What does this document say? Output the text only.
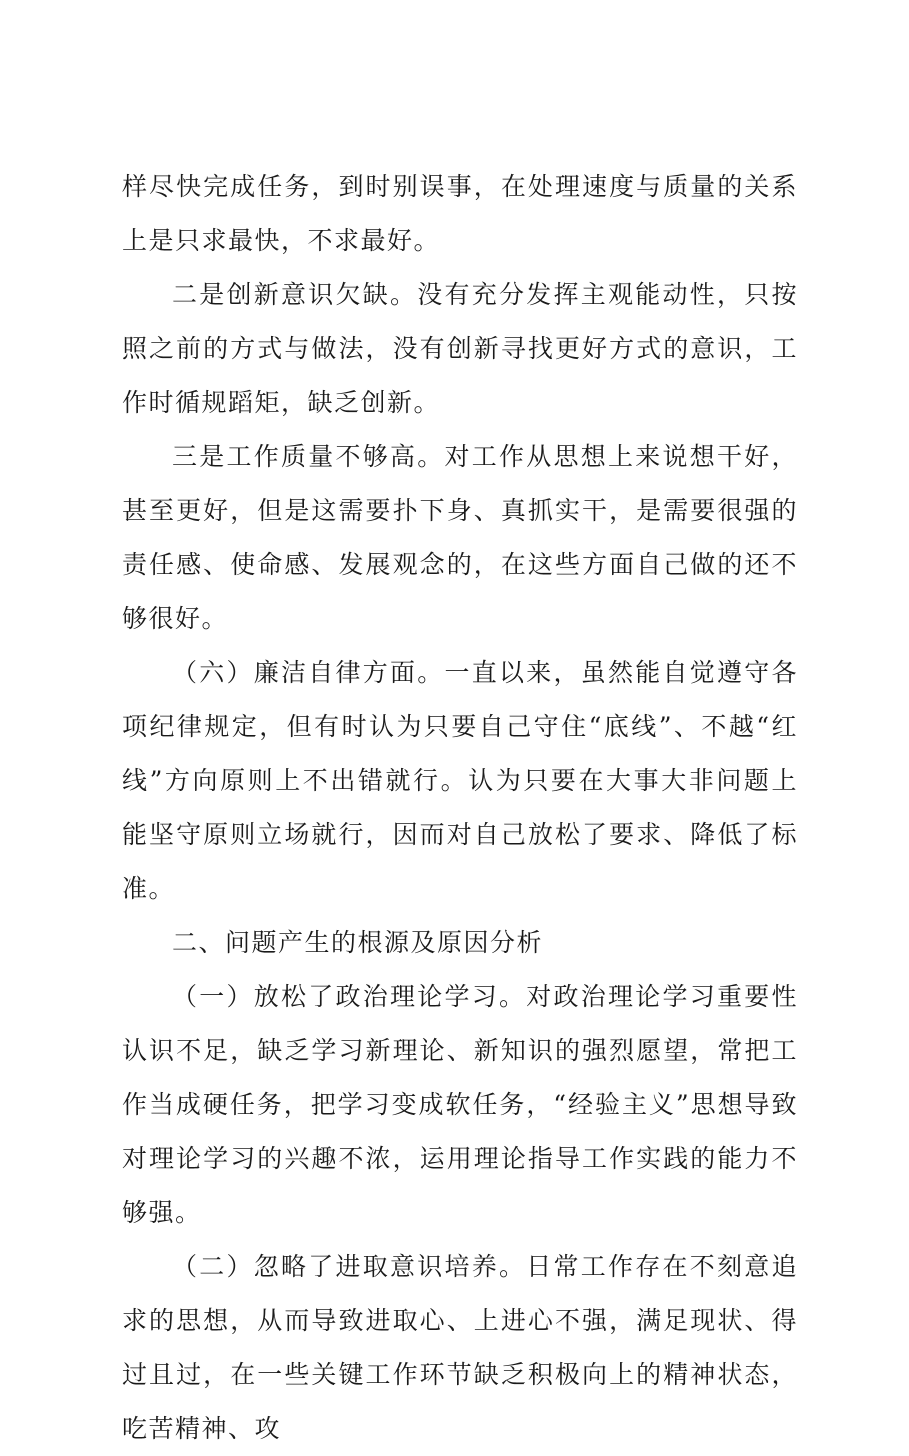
样尽快完成任务，到时别误事，在处理速度与质量的关系上是只求最快，不求最好。

二是创新意识欠缺。没有充分发挥主观能动性，只按照之前的方式与做法，没有创新寻找更好方式的意识，工作时循规蹈矩，缺乏创新。

三是工作质量不够高。对工作从思想上来说想干好，甚至更好，但是这需要扑下身、真抓实干，是需要很强的责任感、使命感、发展观念的，在这些方面自己做的还不够很好。

（六）廉洁自律方面。一直以来，虽然能自觉遵守各项纪律规定，但有时认为只要自己守住“底线”、不越“红线”方向原则上不出错就行。认为只要在大事大非问题上能坚守原则立场就行，因而对自己放松了要求、降低了标准。

二、问题产生的根源及原因分析

（一）放松了政治理论学习。对政治理论学习重要性认识不足，缺乏学习新理论、新知识的强烈愿望，常把工作当成硬任务，把学习变成软任务，“经验主义”思想导致对理论学习的兴趣不浓，运用理论指导工作实践的能力不够强。

（二）忽略了进取意识培养。日常工作存在不刻意追求的思想，从而导致进取心、上进心不强，满足现状、得过且过，在一些关键工作环节缺乏积极向上的精神状态，吃苦精神、攻
